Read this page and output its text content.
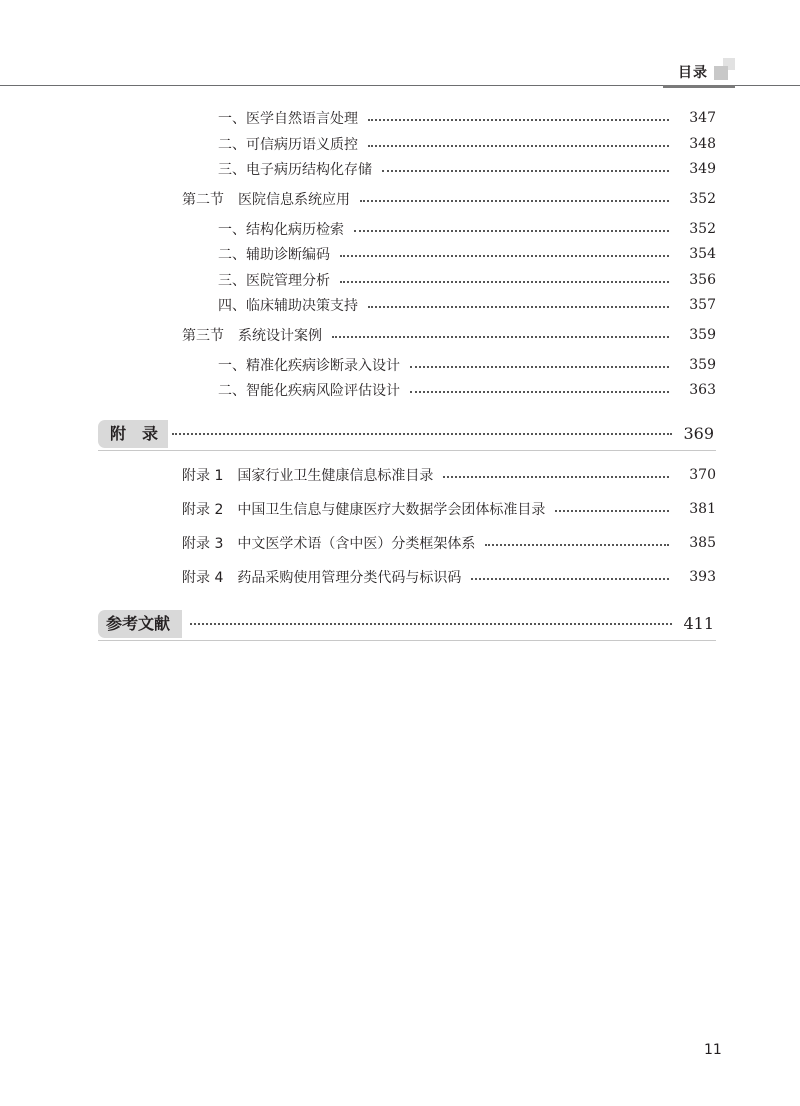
目录
一、医学自然语言处理	347
二、可信病历语义质控	348
三、电子病历结构化存储	349
第二节　医院信息系统应用	352
一、结构化病历检索	352
二、辅助诊断编码	354
三、医院管理分析	356
四、临床辅助决策支持	357
第三节　系统设计案例	359
一、精准化疾病诊断录入设计	359
二、智能化疾病风险评估设计	363
附　录	369
附录 1　国家行业卫生健康信息标准目录	370
附录 2　中国卫生信息与健康医疗大数据学会团体标准目录	381
附录 3　中文医学术语（含中医）分类框架体系	385
附录 4　药品采购使用管理分类代码与标识码	393
参考文献	411
11
